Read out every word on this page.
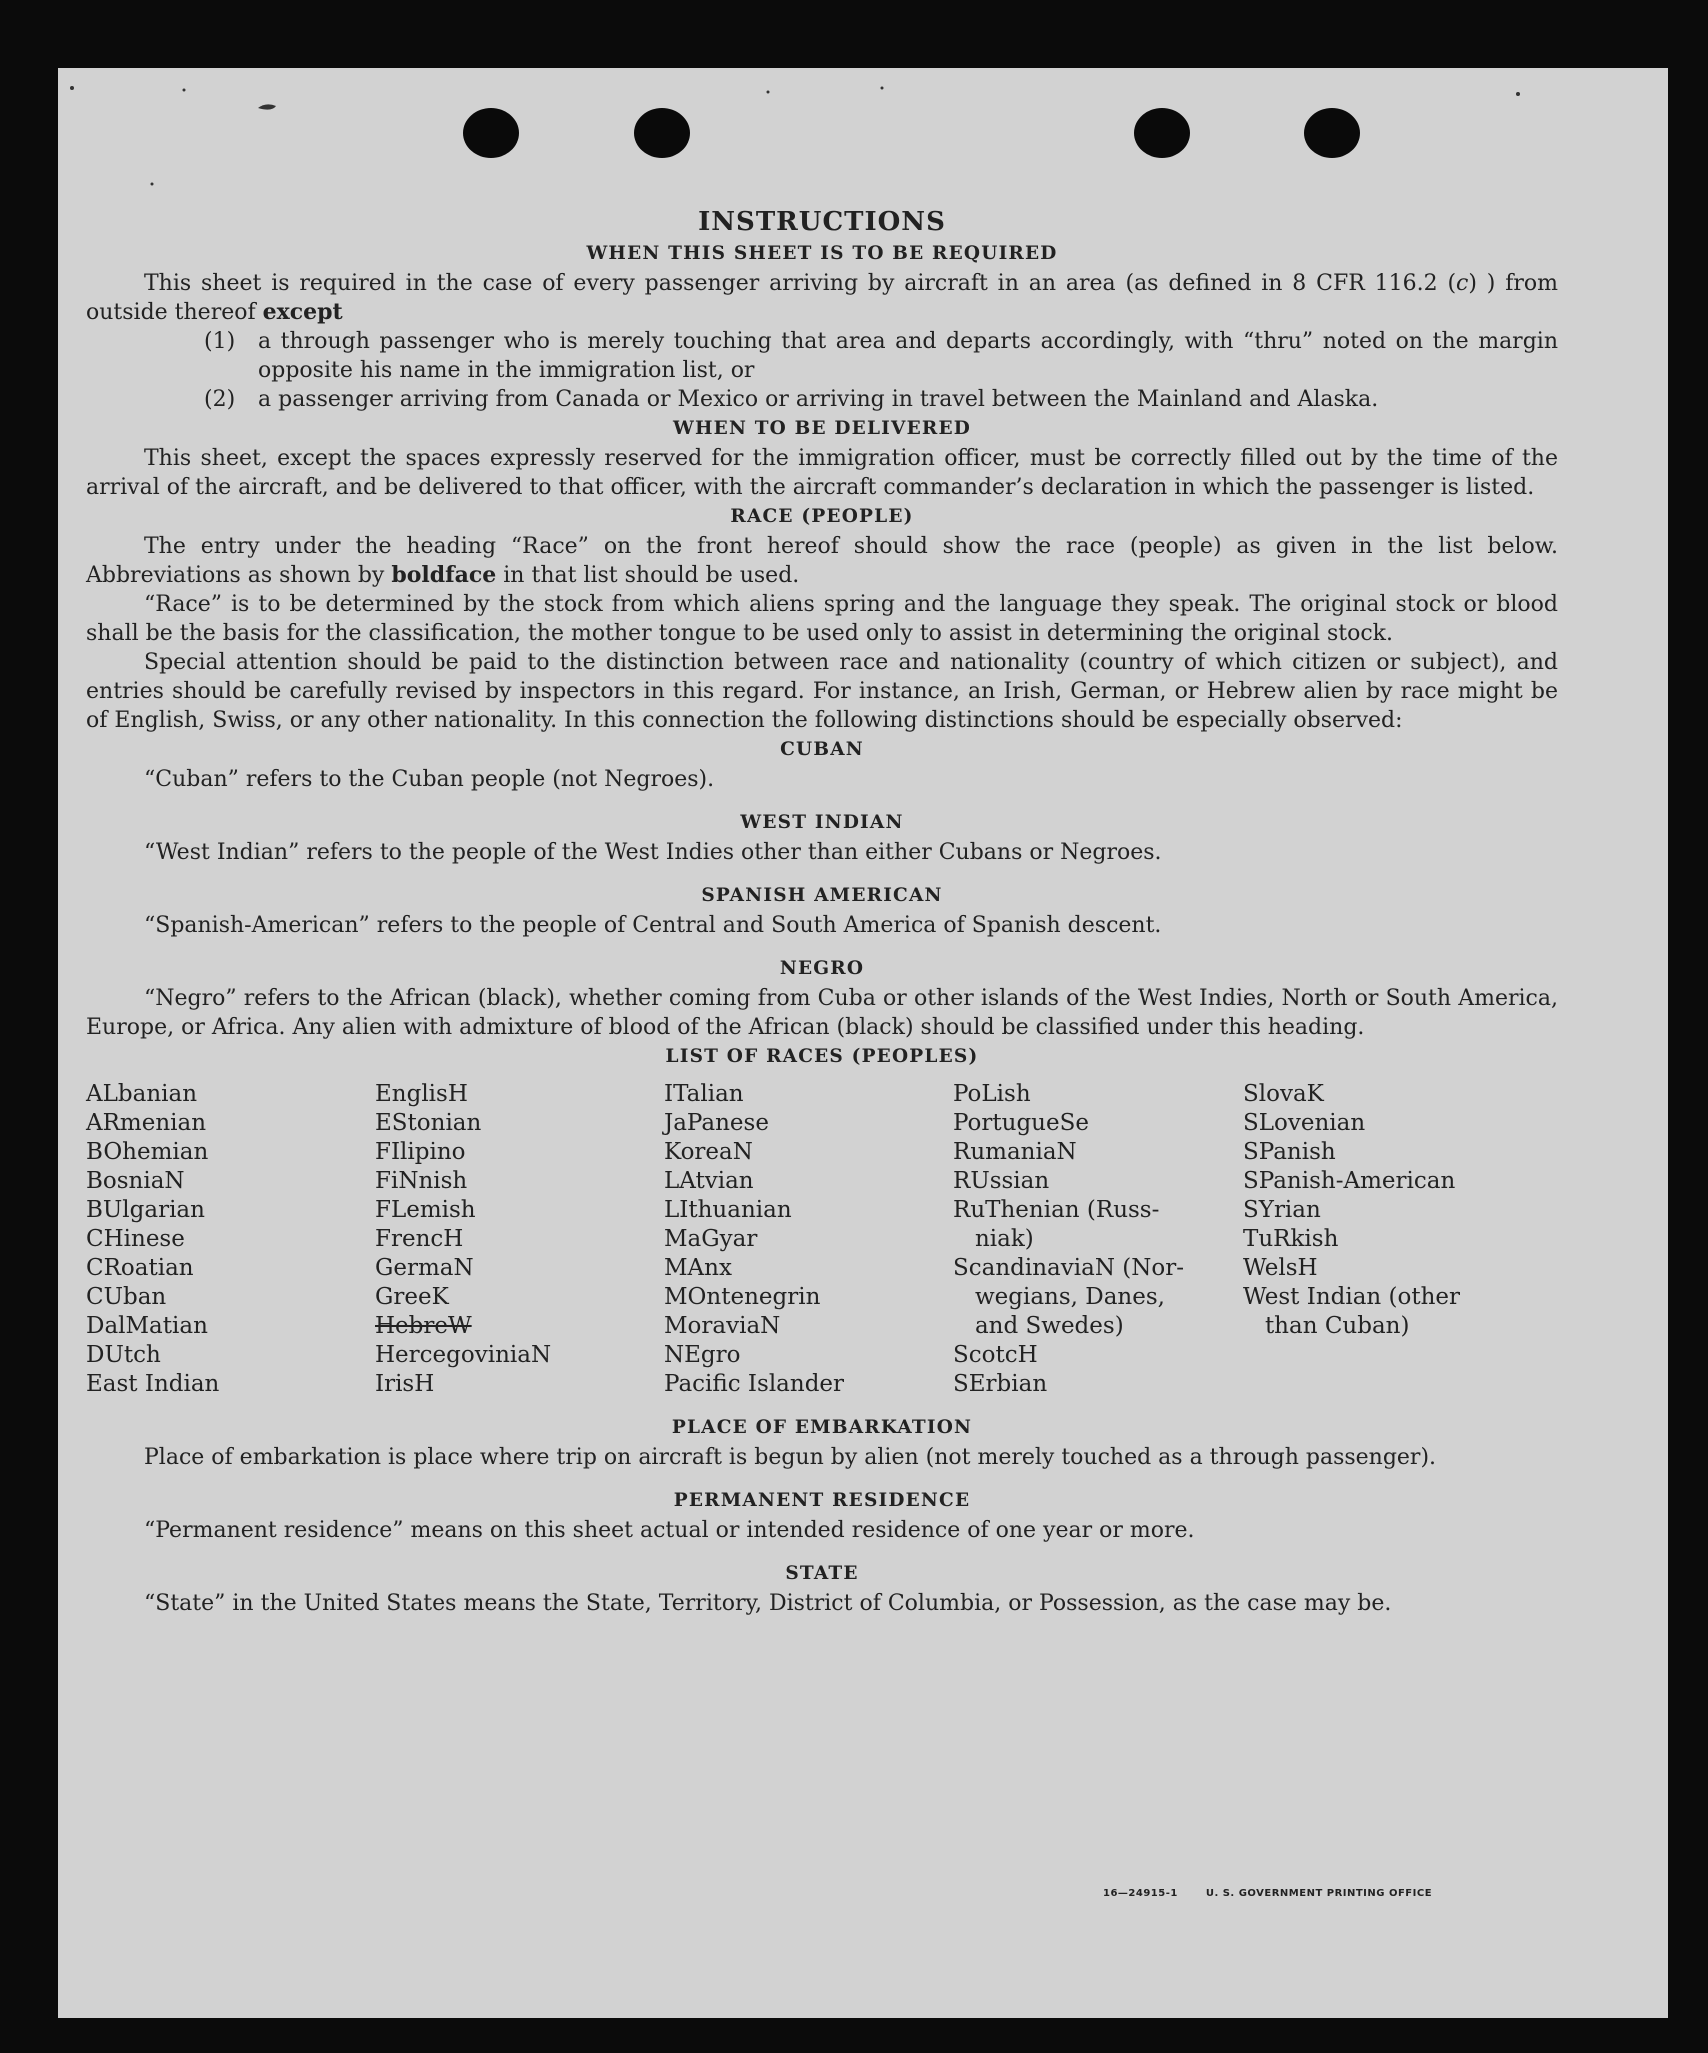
INSTRUCTIONS
WHEN THIS SHEET IS TO BE REQUIRED

This sheet is required in the case of every passenger arriving by aircraft in an area (as defined in 8 CFR 116.2 (c) ) from outside thereof except

(1)	a through passenger who is merely touching that area and departs accordingly, with “thru” noted on the margin opposite his name in the immigration list, or
(2)	a passenger arriving from Canada or Mexico or arriving in travel between the Mainland and Alaska.
WHEN TO BE DELIVERED

This sheet, except the spaces expressly reserved for the immigration officer, must be correctly filled out by the time of the arrival of the aircraft, and be delivered to that officer, with the aircraft commander’s declaration in which the passenger is listed.

RACE (PEOPLE)

The entry under the heading “Race” on the front hereof should show the race (people) as given in the list below. Abbreviations as shown by boldface in that list should be used.

“Race” is to be determined by the stock from which aliens spring and the language they speak. The original stock or blood shall be the basis for the classification, the mother tongue to be used only to assist in determining the original stock.

Special attention should be paid to the distinction between race and nationality (country of which citizen or subject), and entries should be carefully revised by inspectors in this regard. For instance, an Irish, German, or Hebrew alien by race might be of English, Swiss, or any other nationality. In this connection the following distinctions should be especially observed:

CUBAN

“Cuban” refers to the Cuban people (not Negroes).

WEST INDIAN

“West Indian” refers to the people of the West Indies other than either Cubans or Negroes.

SPANISH AMERICAN

“Spanish-American” refers to the people of Central and South America of Spanish descent.

NEGRO

“Negro” refers to the African (black), whether coming from Cuba or other islands of the West Indies, North or South America, Europe, or Africa. Any alien with admixture of blood of the African (black) should be classified under this heading.

LIST OF RACES (PEOPLES)
ALbanian
ARmenian
BOhemian
BosniaN
BUlgarian
CHinese
CRoatian
CUban
DalMatian
DUtch
East Indian
EnglisH
EStonian
FIlipino
FiNnish
FLemish
FrencH
GermaN
GreeK
HebreW
HercegoviniaN
IrisH
ITalian
JaPanese
KoreaN
LAtvian
LIthuanian
MaGyar
MAnx
MOntenegrin
MoraviaN
NEgro
Pacific Islander
PoLish
PortugueSe
RumaniaN
RUssian
RuThenian (Russ-
niak)
ScandinaviaN (Nor-
wegians, Danes,
and Swedes)
ScotcH
SErbian
SlovaK
SLovenian
SPanish
SPanish-American
SYrian
TuRkish
WelsH
West Indian (other
than Cuban)
PLACE OF EMBARKATION

Place of embarkation is place where trip on aircraft is begun by alien (not merely touched as a through passenger).

PERMANENT RESIDENCE

“Permanent residence” means on this sheet actual or intended residence of one year or more.

STATE

“State” in the United States means the State, Territory, District of Columbia, or Possession, as the case may be.

16—24915-1	U. S. GOVERNMENT PRINTING OFFICE
